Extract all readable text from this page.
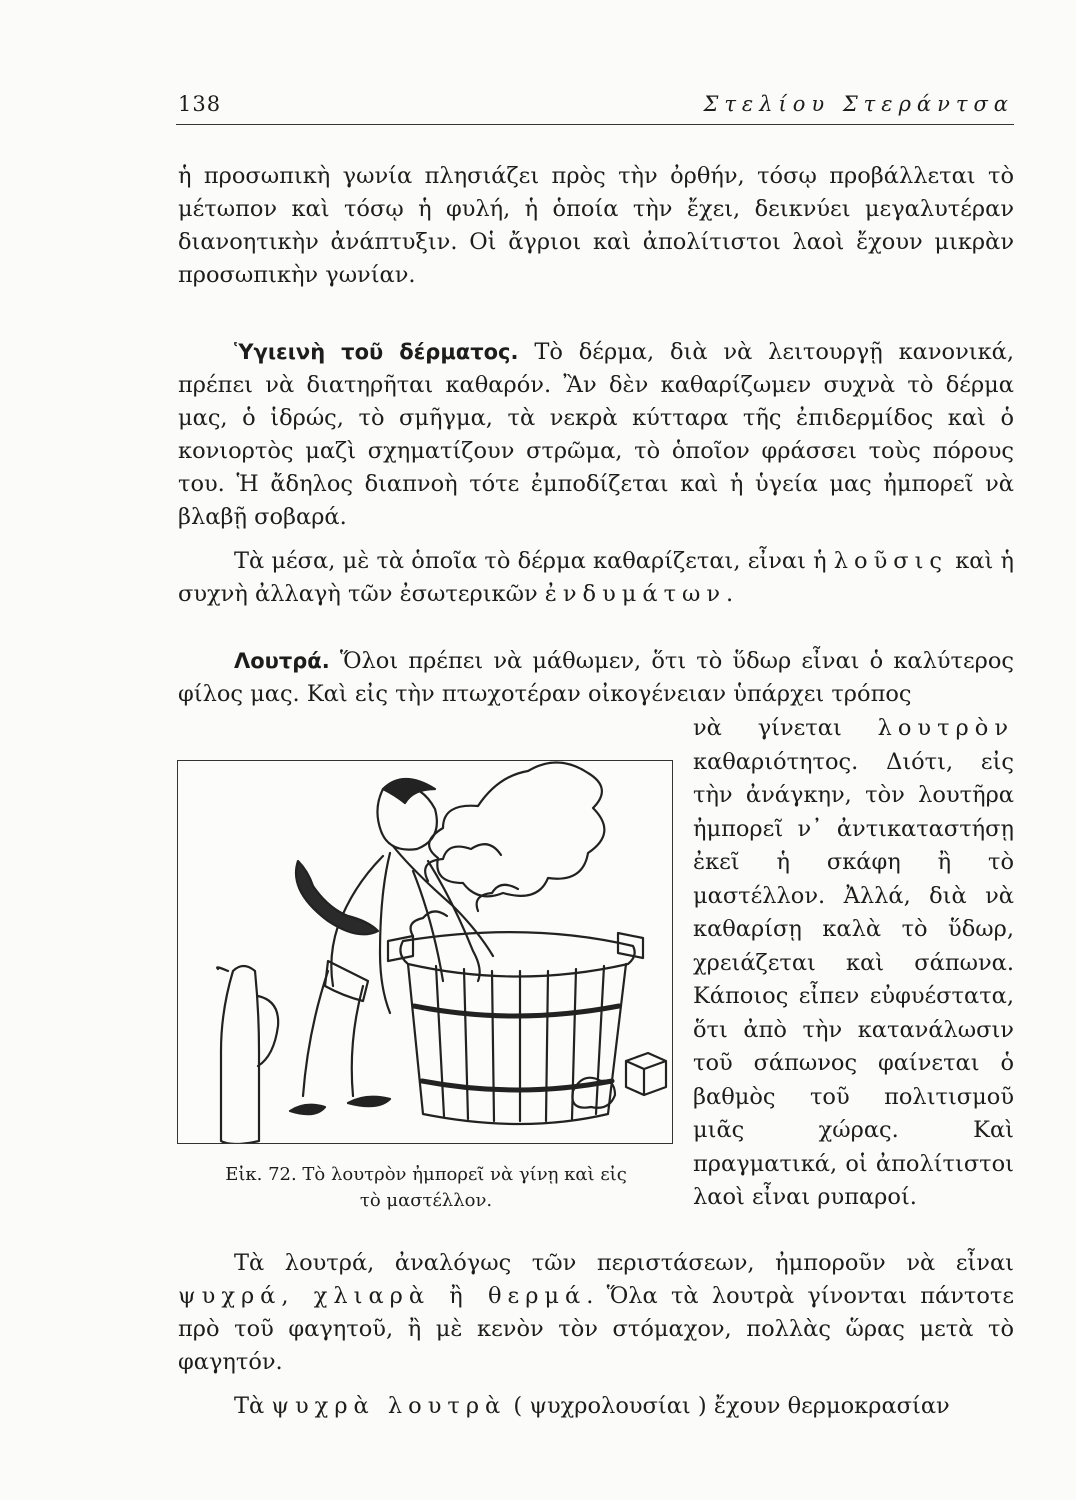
138	Στελίου Στεράντσα

ἡ προσωπικὴ γωνία πλησιάζει πρὸς τὴν ὀρθήν, τόσῳ προβάλλεται τὸ μέτωπον καὶ τόσῳ ἡ φυλή, ἡ ὁποία τὴν ἔχει, δεικνύει μεγαλυτέραν διανοητικὴν ἀνάπτυξιν. Οἱ ἄγριοι καὶ ἀπολίτιστοι λαοὶ ἔχουν μικρὰν προσωπικὴν γωνίαν.

Ὑγιεινὴ τοῦ δέρματος. Τὸ δέρμα, διὰ νὰ λειτουργῇ κανονικά, πρέπει νὰ διατηρῆται καθαρόν. Ἂν δὲν καθαρίζωμεν συχνὰ τὸ δέρμα μας, ὁ ἱδρώς, τὸ σμῆγμα, τὰ νεκρὰ κύτταρα τῆς ἐπιδερμίδος καὶ ὁ κονιορτὸς μαζὶ σχηματίζουν στρῶμα, τὸ ὁποῖον φράσσει τοὺς πόρους του. Ἡ ἄδηλος διαπνοὴ τότε ἐμποδίζεται καὶ ἡ ὑγεία μας ἠμπορεῖ νὰ βλαβῇ σοβαρά.

Τὰ μέσα, μὲ τὰ ὁποῖα τὸ δέρμα καθαρίζεται, εἶναι ἡ λοῦσις καὶ ἡ συχνὴ ἀλλαγὴ τῶν ἐσωτερικῶν ἐνδυμάτων.

Λουτρά. Ὅλοι πρέπει νὰ μάθωμεν, ὅτι τὸ ὕδωρ εἶναι ὁ καλύτερος φίλος μας. Καὶ εἰς τὴν πτωχοτέραν οἰκογένειαν ὑπάρχει τρόπος

νὰ γίνεται λουτρὸν καθαριότητος. Διότι, εἰς τὴν ἀνάγκην, τὸν λουτῆρα ἠμπορεῖ ν᾽ ἀντικαταστήσῃ ἐκεῖ ἡ σκάφη ἢ τὸ μαστέλλον. Ἀλλά, διὰ νὰ καθαρίσῃ καλὰ τὸ ὕδωρ, χρειάζεται καὶ σάπωνα. Κάποιος εἶπεν εὐφυέστατα, ὅτι ἀπὸ τὴν κατανάλωσιν τοῦ σάπωνος φαίνεται ὁ βαθμὸς τοῦ πολιτισμοῦ μιᾶς χώρας. Καὶ πραγματικά, οἱ ἀπολίτιστοι λαοὶ εἶναι ρυπαροί.

Εἰκ. 72. Τὸ λουτρὸν ἠμπορεῖ νὰ γίνῃ καὶ εἰς
τὸ μαστέλλον.

Τὰ λουτρά, ἀναλόγως τῶν περιστάσεων, ἠμποροῦν νὰ εἶναι ψυχρά, χλιαρὰ ἢ θερμά. Ὅλα τὰ λουτρὰ γίνονται πάντοτε πρὸ τοῦ φαγητοῦ, ἢ μὲ κενὸν τὸν στόμαχον, πολλὰς ὥρας μετὰ τὸ φαγητόν.

Τὰ ψυχρὰ λουτρὰ ( ψυχρολουσίαι ) ἔχουν θερμοκρασίαν
